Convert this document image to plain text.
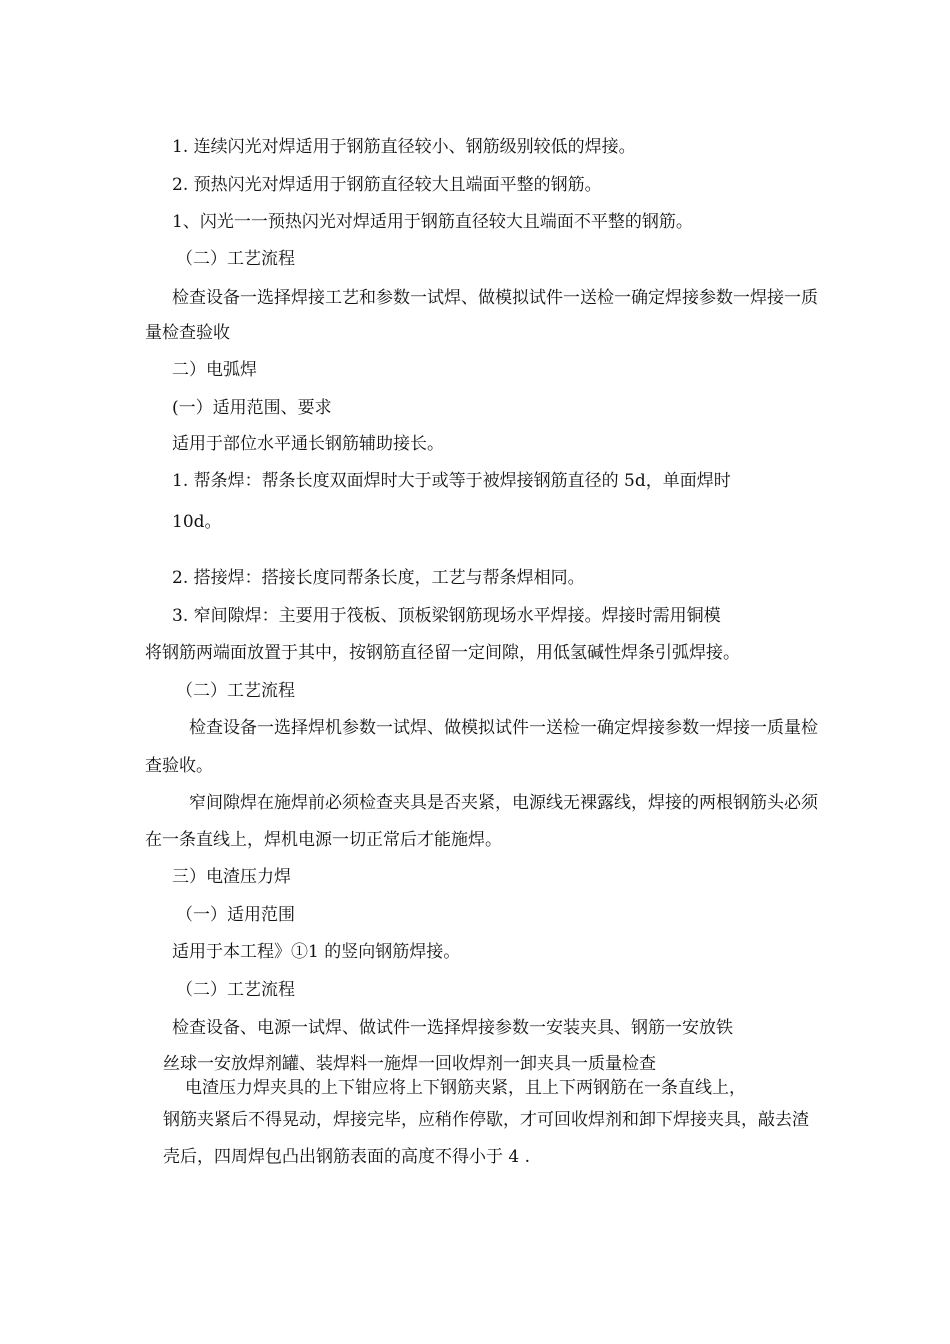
1. 连续闪光对焊适用于钢筋直径较小、钢筋级别较低的焊接。
2. 预热闪光对焊适用于钢筋直径较大且端面平整的钢筋。
1、闪光一一预热闪光对焊适用于钢筋直径较大且端面不平整的钢筋。
（二）工艺流程
检查设备一选择焊接工艺和参数一试焊、做模拟试件一送检一确定焊接参数一焊接一质
量检查验收
二）电弧焊
(一）适用范围、要求
适用于部位水平通长钢筋辅助接长。
1. 帮条焊：帮条长度双面焊时大于或等于被焊接钢筋直径的 5d，单面焊时
10d。
2. 搭接焊：搭接长度同帮条长度，工艺与帮条焊相同。
3. 窄间隙焊：主要用于筏板、顶板梁钢筋现场水平焊接。焊接时需用铜模
将钢筋两端面放置于其中，按钢筋直径留一定间隙，用低氢碱性焊条引弧焊接。
（二）工艺流程
检查设备一选择焊机参数一试焊、做模拟试件一送检一确定焊接参数一焊接一质量检
查验收。
窄间隙焊在施焊前必须检查夹具是否夹紧，电源线无裸露线，焊接的两根钢筋头必须
在一条直线上，焊机电源一切正常后才能施焊。
三）电渣压力焊
（一）适用范围
适用于本工程》①1 的竖向钢筋焊接。
（二）工艺流程
检查设备、电源一试焊、做试件一选择焊接参数一安装夹具、钢筋一安放铁
丝球一安放焊剂罐、装焊料一施焊一回收焊剂一卸夹具一质量检查
电渣压力焊夹具的上下钳应将上下钢筋夹紧，且上下两钢筋在一条直线上，
钢筋夹紧后不得晃动，焊接完毕，应稍作停歇，才可回收焊剂和卸下焊接夹具，敲去渣
壳后，四周焊包凸出钢筋表面的高度不得小于 4 .
